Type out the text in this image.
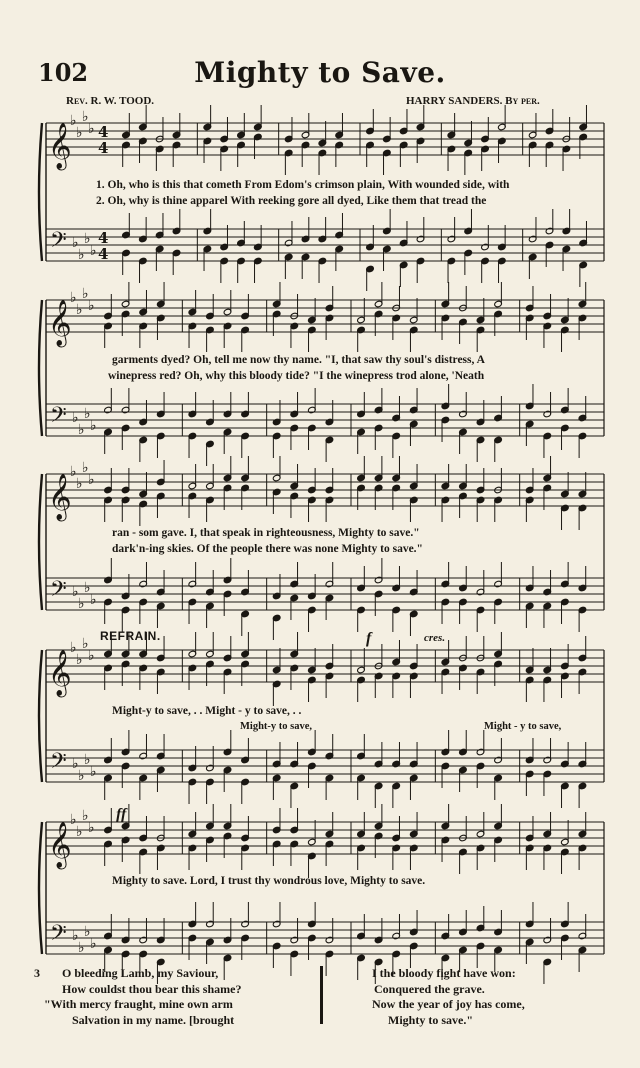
102	Mighty to Save.
Rev. R. W. TOOD.	HARRY SANDERS. By per.
𝄞
𝄢
♭
♭
♭
♭
♭
♭
♭
♭
4
4
4
4
𝄞
𝄢
♭
♭
♭
♭
♭
♭
♭
♭
𝄞
𝄢
♭
♭
♭
♭
♭
♭
♭
♭
𝄞
𝄢
♭
♭
♭
♭
♭
♭
♭
♭
𝄞
𝄢
♭
♭
♭
♭
♭
♭
♭
♭
1. Oh, who is this that cometh From Edom's crimson plain, With wounded side, with
2. Oh, why is thine apparel With reeking gore all dyed, Like them that tread the
garments dyed? Oh, tell me now thy name. "I, that saw thy soul's distress, A
winepress red? Oh, why this bloody tide? "I the winepress trod alone, 'Neath
ran - som gave. I, that speak in righteousness, Mighty to save."
dark'n-ing skies. Of the people there was none Mighty to save."
REFRAIN.	f	cres.
Might-y to save, . . Might - y to save, . .
Might-y to save,	Might - y to save,
ff
Mighty to save. Lord, I trust thy wondrous love, Mighty to save.
3	O bleeding Lamb, my Saviour,
How couldst thou bear this shame?
"With mercy fraught, mine own arm
Salvation in my name. [brought
I the bloody fight have won:
Conquered the grave.
Now the year of joy has come,
Mighty to save."
